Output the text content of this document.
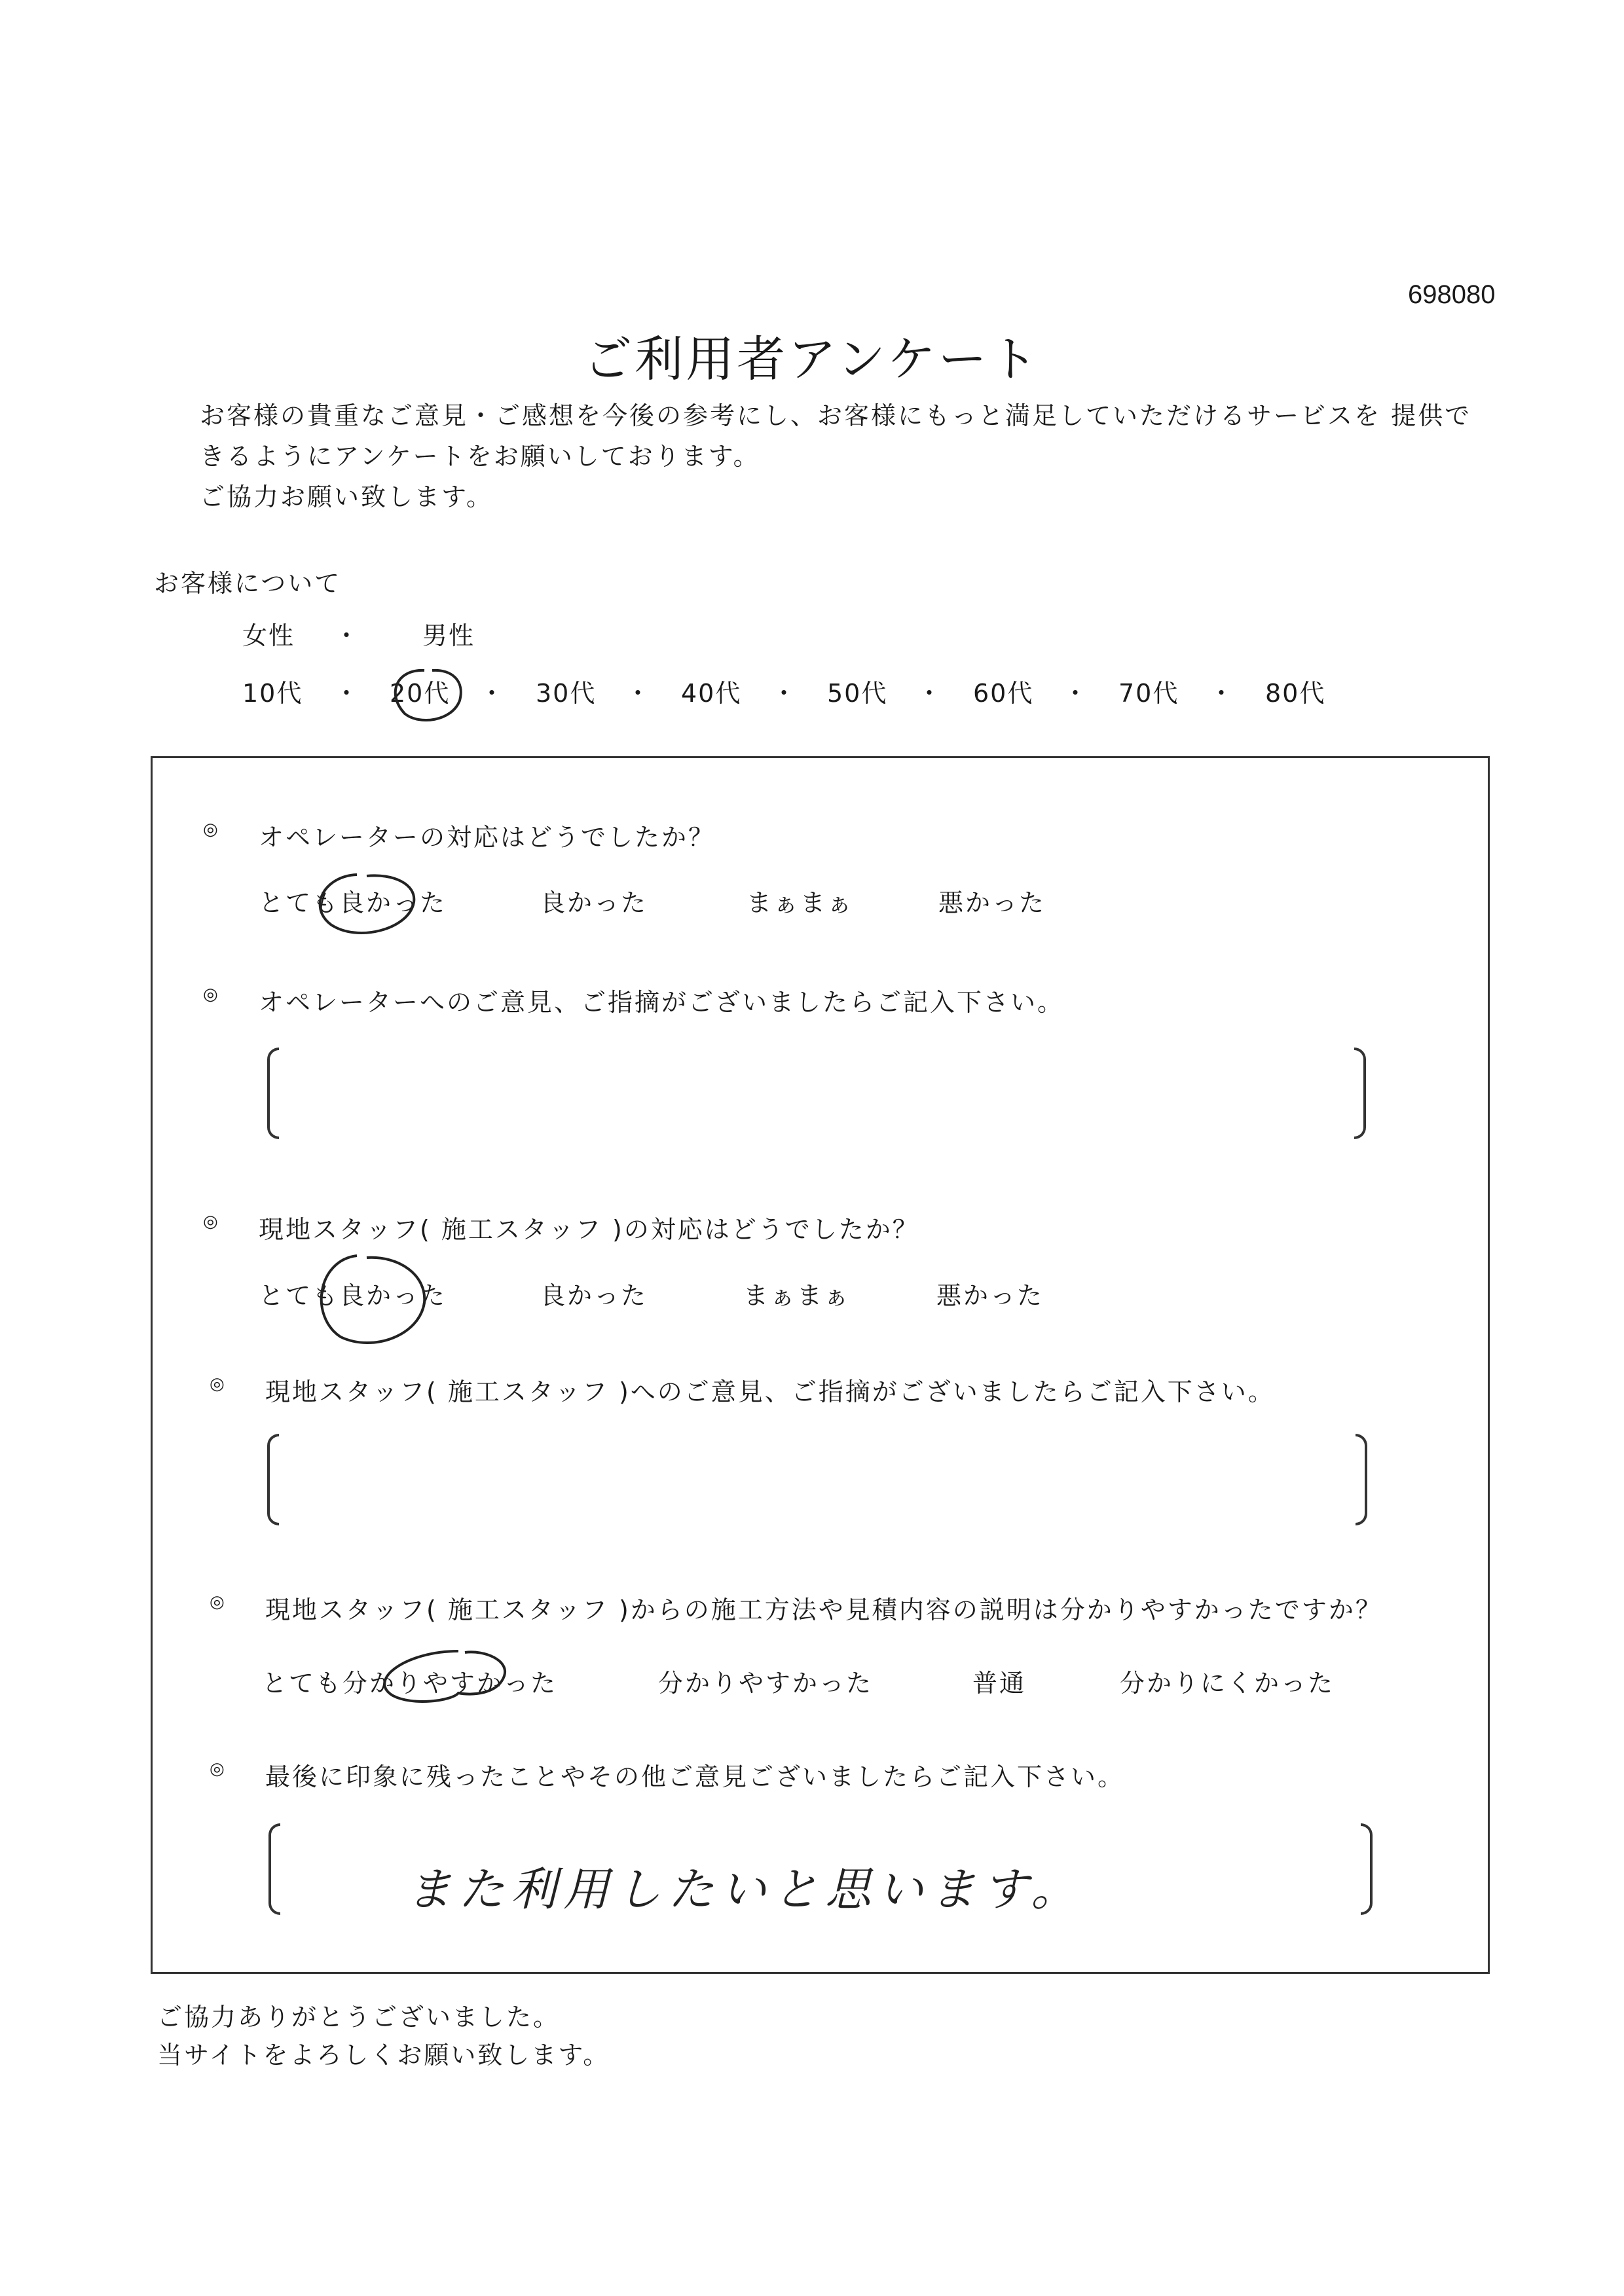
698080
ご利用者アンケート
お客様の貴重なご意見・ご感想を今後の参考にし、お客様にもっと満足していただけるサービスを 提供で
きるようにアンケートをお願いしております。
ご協力お願い致します。
お客様について
女性 ・ 男性
10代 ・ 20代 ・ 30代 ・ 40代 ・ 50代 ・ 60代 ・ 70代 ・ 80代
◎ オペレーターの対応はどうでしたか？
とても良かった	良かった	まぁまぁ	悪かった
◎ オペレーターへのご意見、ご指摘がございましたらご記入下さい。
◎ 現地スタッフ( 施工スタッフ )の対応はどうでしたか？
とても良かった	良かった	まぁまぁ	悪かった
◎ 現地スタッフ( 施工スタッフ )へのご意見、ご指摘がございましたらご記入下さい。
◎ 現地スタッフ( 施工スタッフ )からの施工方法や見積内容の説明は分かりやすかったですか？
とても分かりやすかった	分かりやすかった	普通	分かりにくかった
◎ 最後に印象に残ったことやその他ご意見ございましたらご記入下さい。
また利用したいと思います。
ご協力ありがとうございました。
当サイトをよろしくお願い致します。
